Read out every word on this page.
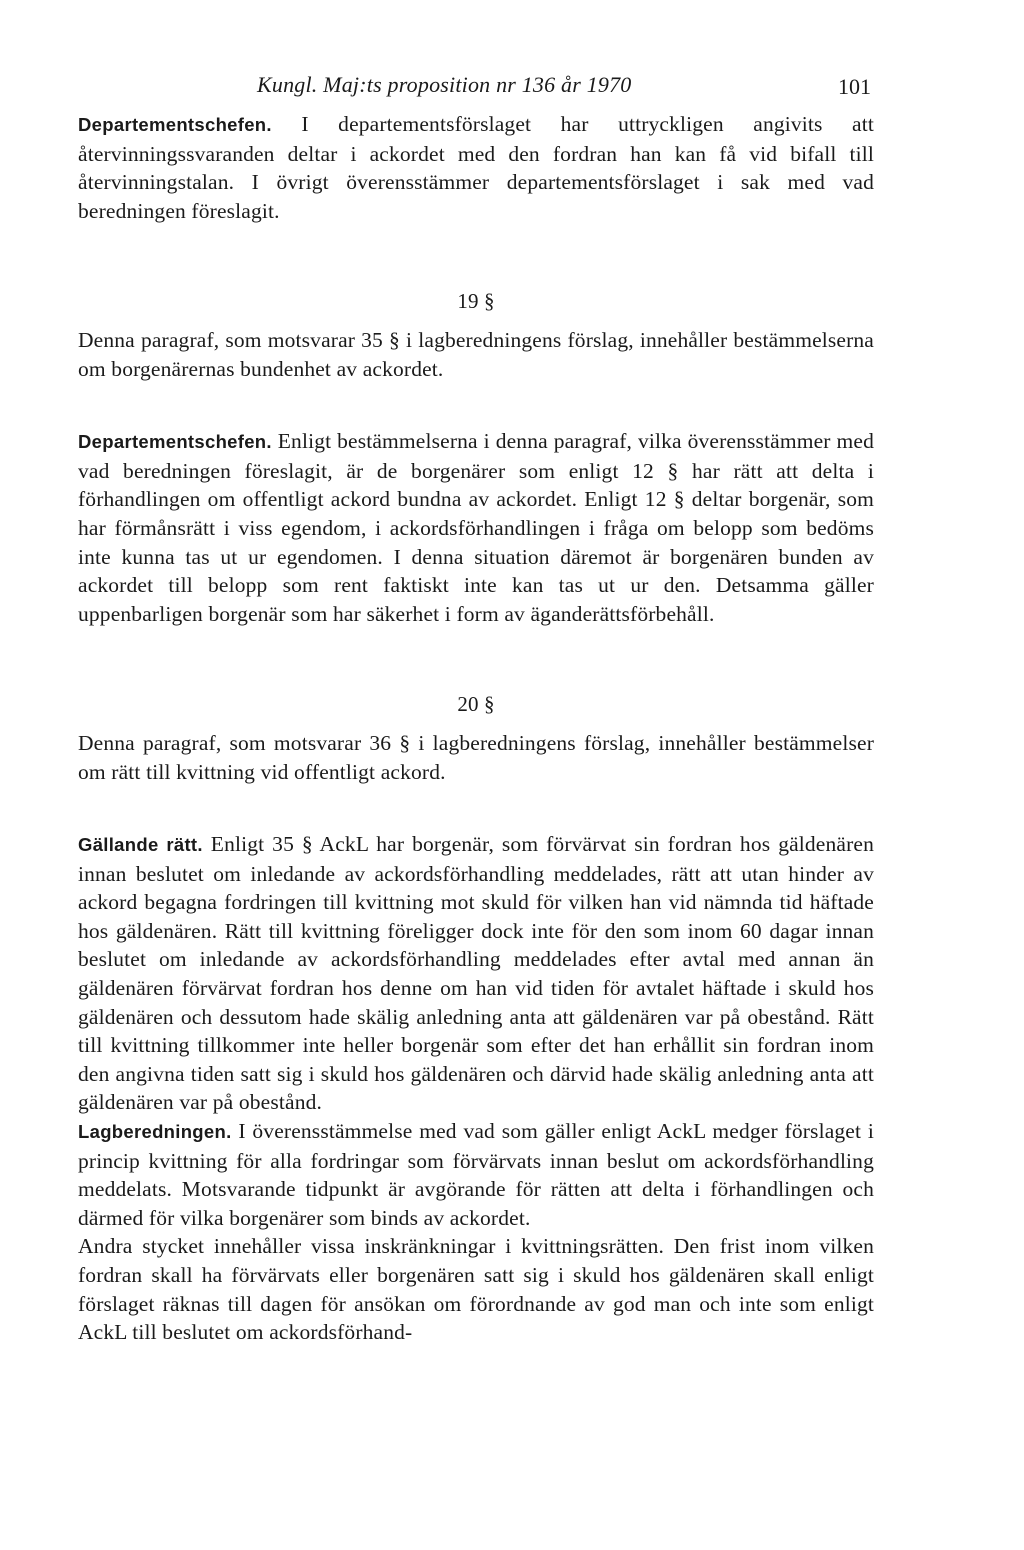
Kungl. Maj:ts proposition nr 136 år 1970	101

Departementschefen. I departementsförslaget har uttryckligen angivits att återvinningssvaranden deltar i ackordet med den fordran han kan få vid bifall till återvinningstalan. I övrigt överensstämmer departementsförslaget i sak med vad beredningen föreslagit.

19 §

Denna paragraf, som motsvarar 35 § i lagberedningens förslag, innehåller bestämmelserna om borgenärernas bundenhet av ackordet.

Departementschefen. Enligt bestämmelserna i denna paragraf, vilka överensstämmer med vad beredningen föreslagit, är de borgenärer som enligt 12 § har rätt att delta i förhandlingen om offentligt ackord bundna av ackordet. Enligt 12 § deltar borgenär, som har förmånsrätt i viss egendom, i ackordsförhandlingen i fråga om belopp som bedöms inte kunna tas ut ur egendomen. I denna situation däremot är borgenären bunden av ackordet till belopp som rent faktiskt inte kan tas ut ur den. Detsamma gäller uppenbarligen borgenär som har säkerhet i form av äganderättsförbehåll.

20 §

Denna paragraf, som motsvarar 36 § i lagberedningens förslag, innehåller bestämmelser om rätt till kvittning vid offentligt ackord.

Gällande rätt. Enligt 35 § AckL har borgenär, som förvärvat sin fordran hos gäldenären innan beslutet om inledande av ackordsförhandling meddelades, rätt att utan hinder av ackord begagna fordringen till kvittning mot skuld för vilken han vid nämnda tid häftade hos gäldenären. Rätt till kvittning föreligger dock inte för den som inom 60 dagar innan beslutet om inledande av ackordsförhandling meddelades efter avtal med annan än gäldenären förvärvat fordran hos denne om han vid tiden för avtalet häftade i skuld hos gäldenären och dessutom hade skälig anledning anta att gäldenären var på obestånd. Rätt till kvittning tillkommer inte heller borgenär som efter det han erhållit sin fordran inom den angivna tiden satt sig i skuld hos gäldenären och därvid hade skälig anledning anta att gäldenären var på obestånd.

Lagberedningen. I överensstämmelse med vad som gäller enligt AckL medger förslaget i princip kvittning för alla fordringar som förvärvats innan beslut om ackordsförhandling meddelats. Motsvarande tidpunkt är avgörande för rätten att delta i förhandlingen och därmed för vilka borgenärer som binds av ackordet.

Andra stycket innehåller vissa inskränkningar i kvittningsrätten. Den frist inom vilken fordran skall ha förvärvats eller borgenären satt sig i skuld hos gäldenären skall enligt förslaget räknas till dagen för ansökan om förordnande av god man och inte som enligt AckL till beslutet om ackordsförhand-
